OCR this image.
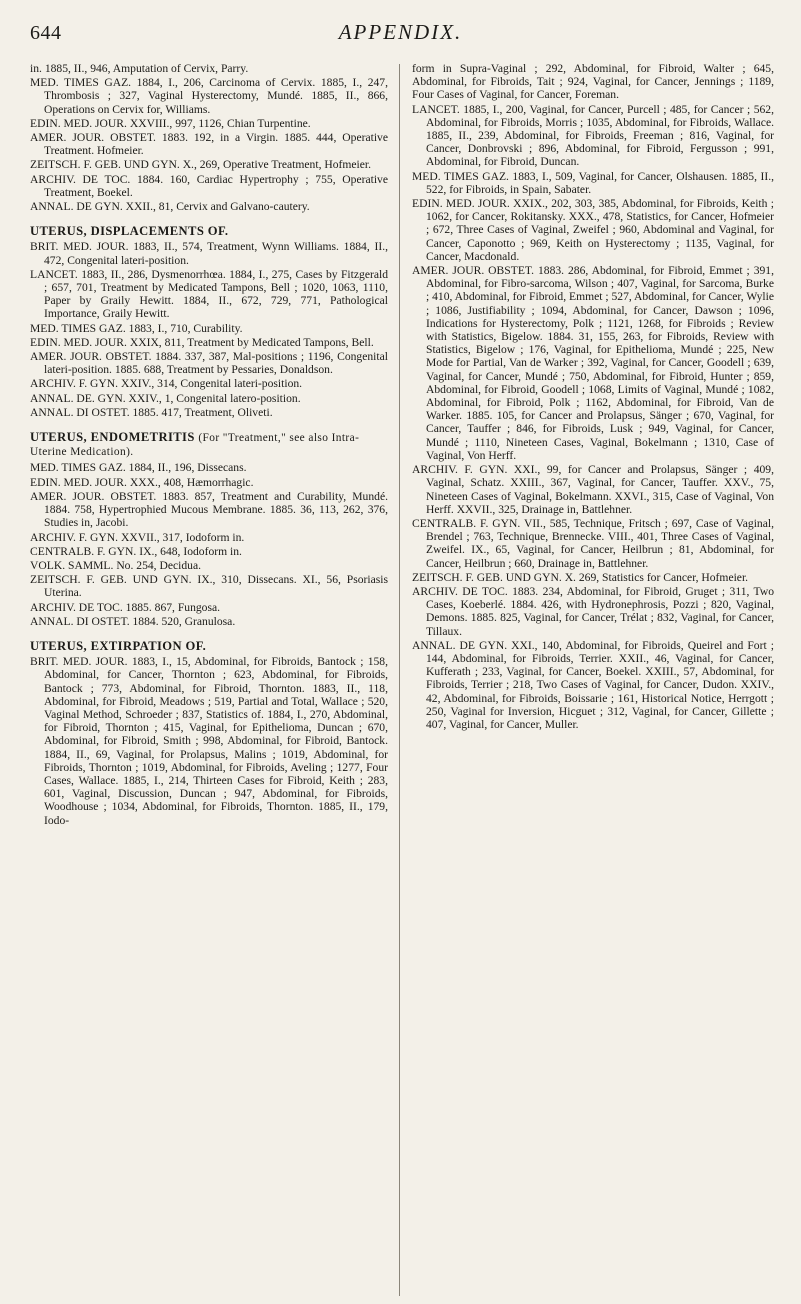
644	APPENDIX.

in. 1885, II., 946, Amputation of Cervix, Parry.

MED. TIMES GAZ. 1884, I., 206, Carcinoma of Cervix. 1885, I., 247, Thrombosis ; 327, Vaginal Hysterectomy, Mundé. 1885, II., 866, Operations on Cervix for, Williams.

EDIN. MED. JOUR. XXVIII., 997, 1126, Chian Turpentine.

AMER. JOUR. OBSTET. 1883. 192, in a Virgin. 1885. 444, Operative Treatment. Hofmeier.

ZEITSCH. F. GEB. UND GYN. X., 269, Operative Treatment, Hofmeier.

ARCHIV. DE TOC. 1884. 160, Cardiac Hypertrophy ; 755, Operative Treatment, Boekel.

ANNAL. DE GYN. XXII., 81, Cervix and Galvano-cautery.

UTERUS, DISPLACEMENTS OF.

BRIT. MED. JOUR. 1883, II., 574, Treatment, Wynn Williams. 1884, II., 472, Congenital lateri-position.

LANCET. 1883, II., 286, Dysmenorrhœa. 1884, I., 275, Cases by Fitzgerald ; 657, 701, Treatment by Medicated Tampons, Bell ; 1020, 1063, 1110, Paper by Graily Hewitt. 1884, II., 672, 729, 771, Pathological Importance, Graily Hewitt.

MED. TIMES GAZ. 1883, I., 710, Curability.

EDIN. MED. JOUR. XXIX, 811, Treatment by Medicated Tampons, Bell.

AMER. JOUR. OBSTET. 1884. 337, 387, Mal-positions ; 1196, Congenital lateri-position. 1885. 688, Treatment by Pessaries, Donaldson.

ARCHIV. F. GYN. XXIV., 314, Congenital lateri-position.

ANNAL. DE. GYN. XXIV., 1, Congenital latero-position.

ANNAL. DI OSTET. 1885. 417, Treatment, Oliveti.

UTERUS, ENDOMETRITIS (For "Treatment," see also Intra-Uterine Medication).

MED. TIMES GAZ. 1884, II., 196, Dissecans.

EDIN. MED. JOUR. XXX., 408, Hæmorrhagic.

AMER. JOUR. OBSTET. 1883. 857, Treatment and Curability, Mundé. 1884. 758, Hypertrophied Mucous Membrane. 1885. 36, 113, 262, 376, Studies in, Jacobi.

ARCHIV. F. GYN. XXVII., 317, Iodoform in.

CENTRALB. F. GYN. IX., 648, Iodoform in.

VOLK. SAMML. No. 254, Decidua.

ZEITSCH. F. GEB. UND GYN. IX., 310, Dissecans. XI., 56, Psoriasis Uterina.

ARCHIV. DE TOC. 1885. 867, Fungosa.

ANNAL. DI OSTET. 1884. 520, Granulosa.

UTERUS, EXTIRPATION OF.

BRIT. MED. JOUR. 1883, I., 15, Abdominal, for Fibroids, Bantock ; 158, Abdominal, for Cancer, Thornton ; 623, Abdominal, for Fibroids, Bantock ; 773, Abdominal, for Fibroid, Thornton. 1883, II., 118, Abdominal, for Fibroid, Meadows ; 519, Partial and Total, Wallace ; 520, Vaginal Method, Schroeder ; 837, Statistics of. 1884, I., 270, Abdominal, for Fibroid, Thornton ; 415, Vaginal, for Epithelioma, Duncan ; 670, Abdominal, for Fibroid, Smith ; 998, Abdominal, for Fibroid, Bantock. 1884, II., 69, Vaginal, for Prolapsus, Malins ; 1019, Abdominal, for Fibroids, Thornton ; 1019, Abdominal, for Fibroids, Aveling ; 1277, Four Cases, Wallace. 1885, I., 214, Thirteen Cases for Fibroid, Keith ; 283, 601, Vaginal, Discussion, Duncan ; 947, Abdominal, for Fibroids, Woodhouse ; 1034, Abdominal, for Fibroids, Thornton. 1885, II., 179, Iodo-

form in Supra-Vaginal ; 292, Abdominal, for Fibroid, Walter ; 645, Abdominal, for Fibroids, Tait ; 924, Vaginal, for Cancer, Jennings ; 1189, Four Cases of Vaginal, for Cancer, Foreman.

LANCET. 1885, I., 200, Vaginal, for Cancer, Purcell ; 485, for Cancer ; 562, Abdominal, for Fibroids, Morris ; 1035, Abdominal, for Fibroids, Wallace. 1885, II., 239, Abdominal, for Fibroids, Freeman ; 816, Vaginal, for Cancer, Donbrovski ; 896, Abdominal, for Fibroid, Fergusson ; 991, Abdominal, for Fibroid, Duncan.

MED. TIMES GAZ. 1883, I., 509, Vaginal, for Cancer, Olshausen. 1885, II., 522, for Fibroids, in Spain, Sabater.

EDIN. MED. JOUR. XXIX., 202, 303, 385, Abdominal, for Fibroids, Keith ; 1062, for Cancer, Rokitansky. XXX., 478, Statistics, for Cancer, Hofmeier ; 672, Three Cases of Vaginal, Zweifel ; 960, Abdominal and Vaginal, for Cancer, Caponotto ; 969, Keith on Hysterectomy ; 1135, Vaginal, for Cancer, Macdonald.

AMER. JOUR. OBSTET. 1883. 286, Abdominal, for Fibroid, Emmet ; 391, Abdominal, for Fibro-sarcoma, Wilson ; 407, Vaginal, for Sarcoma, Burke ; 410, Abdominal, for Fibroid, Emmet ; 527, Abdominal, for Cancer, Wylie ; 1086, Justifiability ; 1094, Abdominal, for Cancer, Dawson ; 1096, Indications for Hysterectomy, Polk ; 1121, 1268, for Fibroids ; Review with Statistics, Bigelow. 1884. 31, 155, 263, for Fibroids, Review with Statistics, Bigelow ; 176, Vaginal, for Epithelioma, Mundé ; 225, New Mode for Partial, Van de Warker ; 392, Vaginal, for Cancer, Goodell ; 639, Vaginal, for Cancer, Mundé ; 750, Abdominal, for Fibroid, Hunter ; 859, Abdominal, for Fibroid, Goodell ; 1068, Limits of Vaginal, Mundé ; 1082, Abdominal, for Fibroid, Polk ; 1162, Abdominal, for Fibroid, Van de Warker. 1885. 105, for Cancer and Prolapsus, Sänger ; 670, Vaginal, for Cancer, Tauffer ; 846, for Fibroids, Lusk ; 949, Vaginal, for Cancer, Mundé ; 1110, Nineteen Cases, Vaginal, Bokelmann ; 1310, Case of Vaginal, Von Herff.

ARCHIV. F. GYN. XXI., 99, for Cancer and Prolapsus, Sänger ; 409, Vaginal, Schatz. XXIII., 367, Vaginal, for Cancer, Tauffer. XXV., 75, Nineteen Cases of Vaginal, Bokelmann. XXVI., 315, Case of Vaginal, Von Herff. XXVII., 325, Drainage in, Battlehner.

CENTRALB. F. GYN. VII., 585, Technique, Fritsch ; 697, Case of Vaginal, Brendel ; 763, Technique, Brennecke. VIII., 401, Three Cases of Vaginal, Zweifel. IX., 65, Vaginal, for Cancer, Heilbrun ; 81, Abdominal, for Cancer, Heilbrun ; 660, Drainage in, Battlehner.

ZEITSCH. F. GEB. UND GYN. X. 269, Statistics for Cancer, Hofmeier.

ARCHIV. DE TOC. 1883. 234, Abdominal, for Fibroid, Gruget ; 311, Two Cases, Koeberlé. 1884. 426, with Hydronephrosis, Pozzi ; 820, Vaginal, Demons. 1885. 825, Vaginal, for Cancer, Trélat ; 832, Vaginal, for Cancer, Tillaux.

ANNAL. DE GYN. XXI., 140, Abdominal, for Fibroids, Queirel and Fort ; 144, Abdominal, for Fibroids, Terrier. XXII., 46, Vaginal, for Cancer, Kufferath ; 233, Vaginal, for Cancer, Boekel. XXIII., 57, Abdominal, for Fibroids, Terrier ; 218, Two Cases of Vaginal, for Cancer, Dudon. XXIV., 42, Abdominal, for Fibroids, Boissarie ; 161, Historical Notice, Herrgott ; 250, Vaginal for Inversion, Hicguet ; 312, Vaginal, for Cancer, Gillette ; 407, Vaginal, for Cancer, Muller.
